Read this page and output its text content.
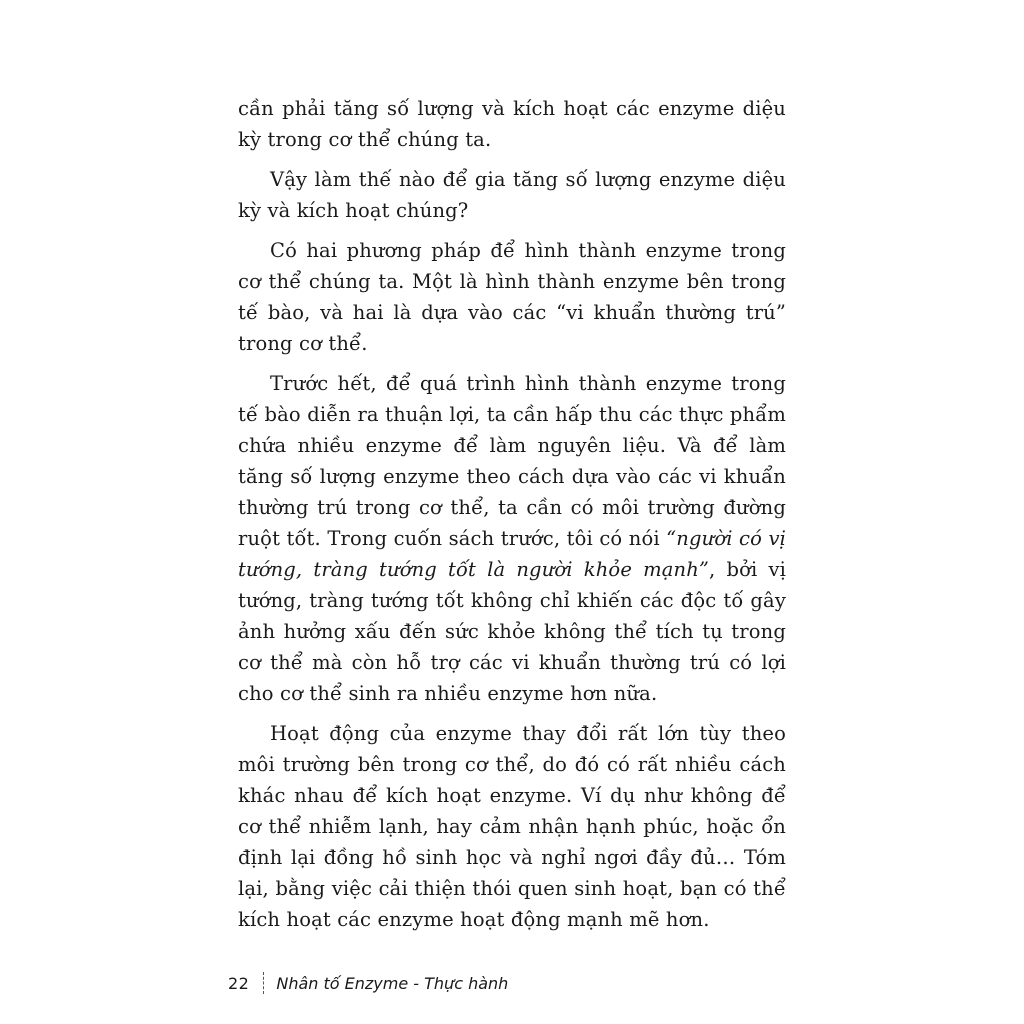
cần phải tăng số lượng và kích hoạt các enzyme diệu kỳ trong cơ thể chúng ta.

Vậy làm thế nào để gia tăng số lượng enzyme diệu kỳ và kích hoạt chúng?

Có hai phương pháp để hình thành enzyme trong cơ thể chúng ta. Một là hình thành enzyme bên trong tế bào, và hai là dựa vào các “vi khuẩn thường trú” trong cơ thể.

Trước hết, để quá trình hình thành enzyme trong tế bào diễn ra thuận lợi, ta cần hấp thu các thực phẩm chứa nhiều enzyme để làm nguyên liệu. Và để làm tăng số lượng enzyme theo cách dựa vào các vi khuẩn thường trú trong cơ thể, ta cần có môi trường đường ruột tốt. Trong cuốn sách trước, tôi có nói “người có vị tướng, tràng tướng tốt là người khỏe mạnh”, bởi vị tướng, tràng tướng tốt không chỉ khiến các độc tố gây ảnh hưởng xấu đến sức khỏe không thể tích tụ trong cơ thể mà còn hỗ trợ các vi khuẩn thường trú có lợi cho cơ thể sinh ra nhiều enzyme hơn nữa.

Hoạt động của enzyme thay đổi rất lớn tùy theo môi trường bên trong cơ thể, do đó có rất nhiều cách khác nhau để kích hoạt enzyme. Ví dụ như không để cơ thể nhiễm lạnh, hay cảm nhận hạnh phúc, hoặc ổn định lại đồng hồ sinh học và nghỉ ngơi đầy đủ… Tóm lại, bằng việc cải thiện thói quen sinh hoạt, bạn có thể kích hoạt các enzyme hoạt động mạnh mẽ hơn.

22 Nhân tố Enzyme - Thực hành
